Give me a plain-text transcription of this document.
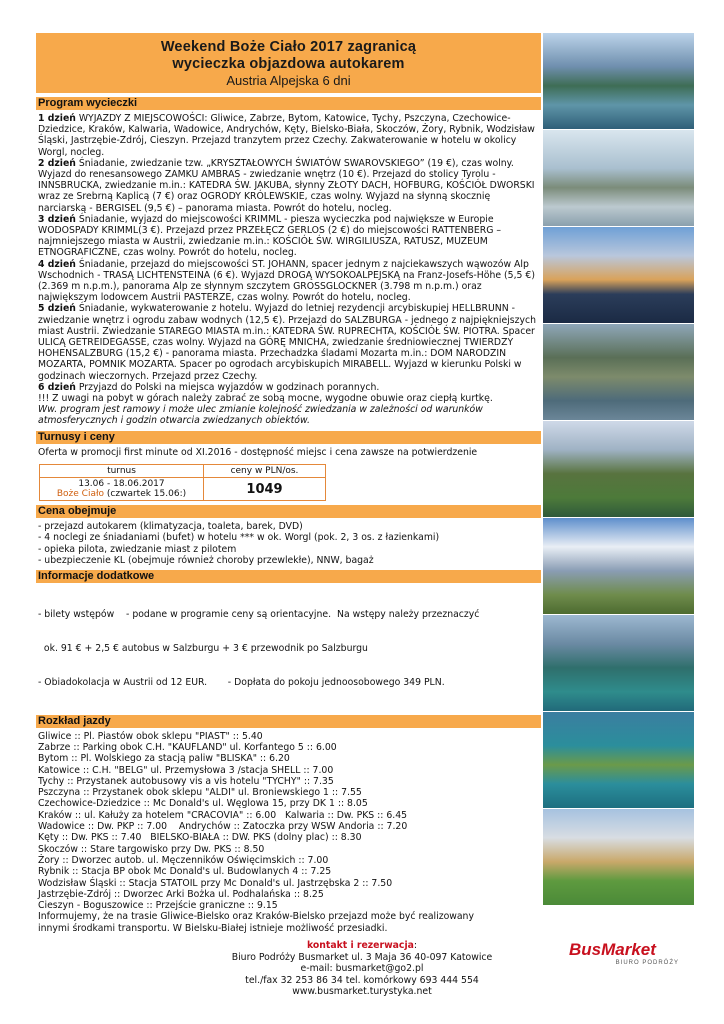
Weekend Boże Ciało 2017 zagranicą
wycieczka objazdowa autokarem
Austria Alpejska 6 dni
Program wycieczki

1 dzień WYJAZDY Z MIEJSCOWOŚCI: Gliwice, Zabrze, Bytom, Katowice, Tychy, Pszczyna, Czechowice-Dziedzice, Kraków, Kalwaria, Wadowice, Andrychów, Kęty, Bielsko-Biała, Skoczów, Żory, Rybnik, Wodzisław Śląski, Jastrzębie-Zdrój, Cieszyn. Przejazd tranzytem przez Czechy. Zakwaterowanie w hotelu w okolicy Worgl, nocleg.

2 dzień Śniadanie, zwiedzanie tzw. „KRYSZTAŁOWYCH ŚWIATÓW SWAROVSKIEGO” (19 €), czas wolny. Wyjazd do renesansowego ZAMKU AMBRAS - zwiedzanie wnętrz (10 €). Przejazd do stolicy Tyrolu - INNSBRUCKA, zwiedzanie m.in.: KATEDRA ŚW. JAKUBA, słynny ZŁOTY DACH, HOFBURG, KOŚCIÓŁ DWORSKI wraz ze Srebrną Kaplicą (7 €) oraz OGRODY KRÓLEWSKIE, czas wolny. Wyjazd na słynną skocznię narciarską - BERGISEL (9,5 €) – panorama miasta. Powrót do hotelu, nocleg.

3 dzień Śniadanie, wyjazd do miejscowości KRIMML - piesza wycieczka pod największe w Europie WODOSPADY KRIMML(3 €). Przejazd przez PRZEŁĘCZ GERLOS (2 €) do miejscowości RATTENBERG – najmniejszego miasta w Austrii, zwiedzanie m.in.: KOŚCIÓŁ ŚW. WIRGILIUSZA, RATUSZ, MUZEUM ETNOGRAFICZNE, czas wolny. Powrót do hotelu, nocleg.

4 dzień Śniadanie, przejazd do miejscowości ST. JOHANN, spacer jednym z najciekawszych wąwozów Alp Wschodnich - TRASĄ LICHTENSTEINA (6 €). Wyjazd DROGĄ WYSOKOALPEJSKĄ na Franz-Josefs-Höhe (5,5 €) (2.369 m n.p.m.), panorama Alp ze słynnym szczytem GROSSGLOCKNER (3.798 m n.p.m.) oraz największym lodowcem Austrii PASTERZE, czas wolny. Powrót do hotelu, nocleg.

5 dzień Śniadanie, wykwaterowanie z hotelu. Wyjazd do letniej rezydencji arcybiskupiej HELLBRUNN - zwiedzanie wnętrz i ogrodu zabaw wodnych (12,5 €). Przejazd do SALZBURGA - jednego z najpiękniejszych miast Austrii. Zwiedzanie STAREGO MIASTA m.in.: KATEDRA ŚW. RUPRECHTA, KOŚCIÓŁ ŚW. PIOTRA. Spacer ULICĄ GETREIDEGASSE, czas wolny. Wyjazd na GÓRĘ MNICHA, zwiedzanie średniowiecznej TWIERDZY HOHENSALZBURG (15,2 €) - panorama miasta. Przechadzka śladami Mozarta m.in.: DOM NARODZIN MOZARTA, POMNIK MOZARTA. Spacer po ogrodach arcybiskupich MIRABELL. Wyjazd w kierunku Polski w godzinach wieczornych. Przejazd przez Czechy.

6 dzień Przyjazd do Polski na miejsca wyjazdów w godzinach porannych.

!!! Z uwagi na pobyt w górach należy zabrać ze sobą mocne, wygodne obuwie oraz ciepłą kurtkę.

Ww. program jest ramowy i może ulec zmianie kolejność zwiedzania w zależności od warunków atmosferycznych i godzin otwarcia zwiedzanych obiektów.

Turnusy i ceny
Oferta w promocji first minute od XI.2016 - dostępność miejsc i cena zawsze na potwierdzenie
turnus	ceny w PLN/os.

13.06 - 18.06.2017
Boże Ciało (czwartek 15.06:)	1049
Cena obejmuje
- przejazd autokarem (klimatyzacja, toaleta, barek, DVD)
- 4 noclegi ze śniadaniami (bufet) w hotelu *** w ok. Worgl (pok. 2, 3 os. z łazienkami)
- opieka pilota, zwiedzanie miast z pilotem
- ubezpieczenie KL (obejmuje również choroby przewlekłe), NNW, bagaż
Informacje dodatkowe

- bilety wstępów    - podane w programie ceny są orientacyjne.  Na wstępy należy przeznaczyć

ok. 91 € + 2,5 € autobus w Salzburgu + 3 € przewodnik po Salzburgu

- Obiadokolacja w Austrii od 12 EUR.       - Dopłata do pokoju jednoosobowego 349 PLN.

Rozkład jazdy
Gliwice :: Pl. Piastów obok sklepu "PIAST" :: 5.40
Zabrze :: Parking obok C.H. "KAUFLAND" ul. Korfantego 5 :: 6.00
Bytom :: Pl. Wolskiego za stacją paliw "BLISKA" :: 6.20
Katowice :: C.H. "BELG" ul. Przemysłowa 3 /stacja SHELL :: 7.00
Tychy :: Przystanek autobusowy vis a vis hotelu "TYCHY" :: 7.35
Pszczyna :: Przystanek obok sklepu "ALDI" ul. Broniewskiego 1 :: 7.55
Czechowice-Dziedzice :: Mc Donald's ul. Węglowa 15, przy DK 1 :: 8.05
Kraków :: ul. Kałuży za hotelem "CRACOVIA" :: 6.00   Kalwaria :: Dw. PKS :: 6.45
Wadowice :: Dw. PKP :: 7.00    Andrychów :: Zatoczka przy WSW Andoria :: 7.20
Kęty :: Dw. PKS :: 7.40   BIELSKO-BIAŁA :: DW. PKS (dolny plac) :: 8.30
Skoczów :: Stare targowisko przy Dw. PKS :: 8.50
Żory :: Dworzec autob. ul. Męczenników Oświęcimskich :: 7.00
Rybnik :: Stacja BP obok Mc Donald's ul. Budowlanych 4 :: 7.25
Wodzisław Śląski :: Stacja STATOIL przy Mc Donald's ul. Jastrzębska 2 :: 7.50
Jastrzębie-Zdrój :: Dworzec Arki Bożka ul. Podhalańska :: 8.25
Cieszyn - Boguszowice :: Przejście graniczne :: 9.15
Informujemy, że na trasie Gliwice-Bielsko oraz Kraków-Bielsko przejazd może być realizowany
innymi środkami transportu. W Bielsku-Białej istnieje możliwość przesiadki.
kontakt i rezerwacja:
Biuro Podróży Busmarket ul. 3 Maja 36 40-097 Katowice
e-mail: busmarket@go2.pl
tel./fax 32 253 86 34 tel. komórkowy 693 444 554
www.busmarket.turystyka.net
BusMarket
BIURO PODRÓŻY
